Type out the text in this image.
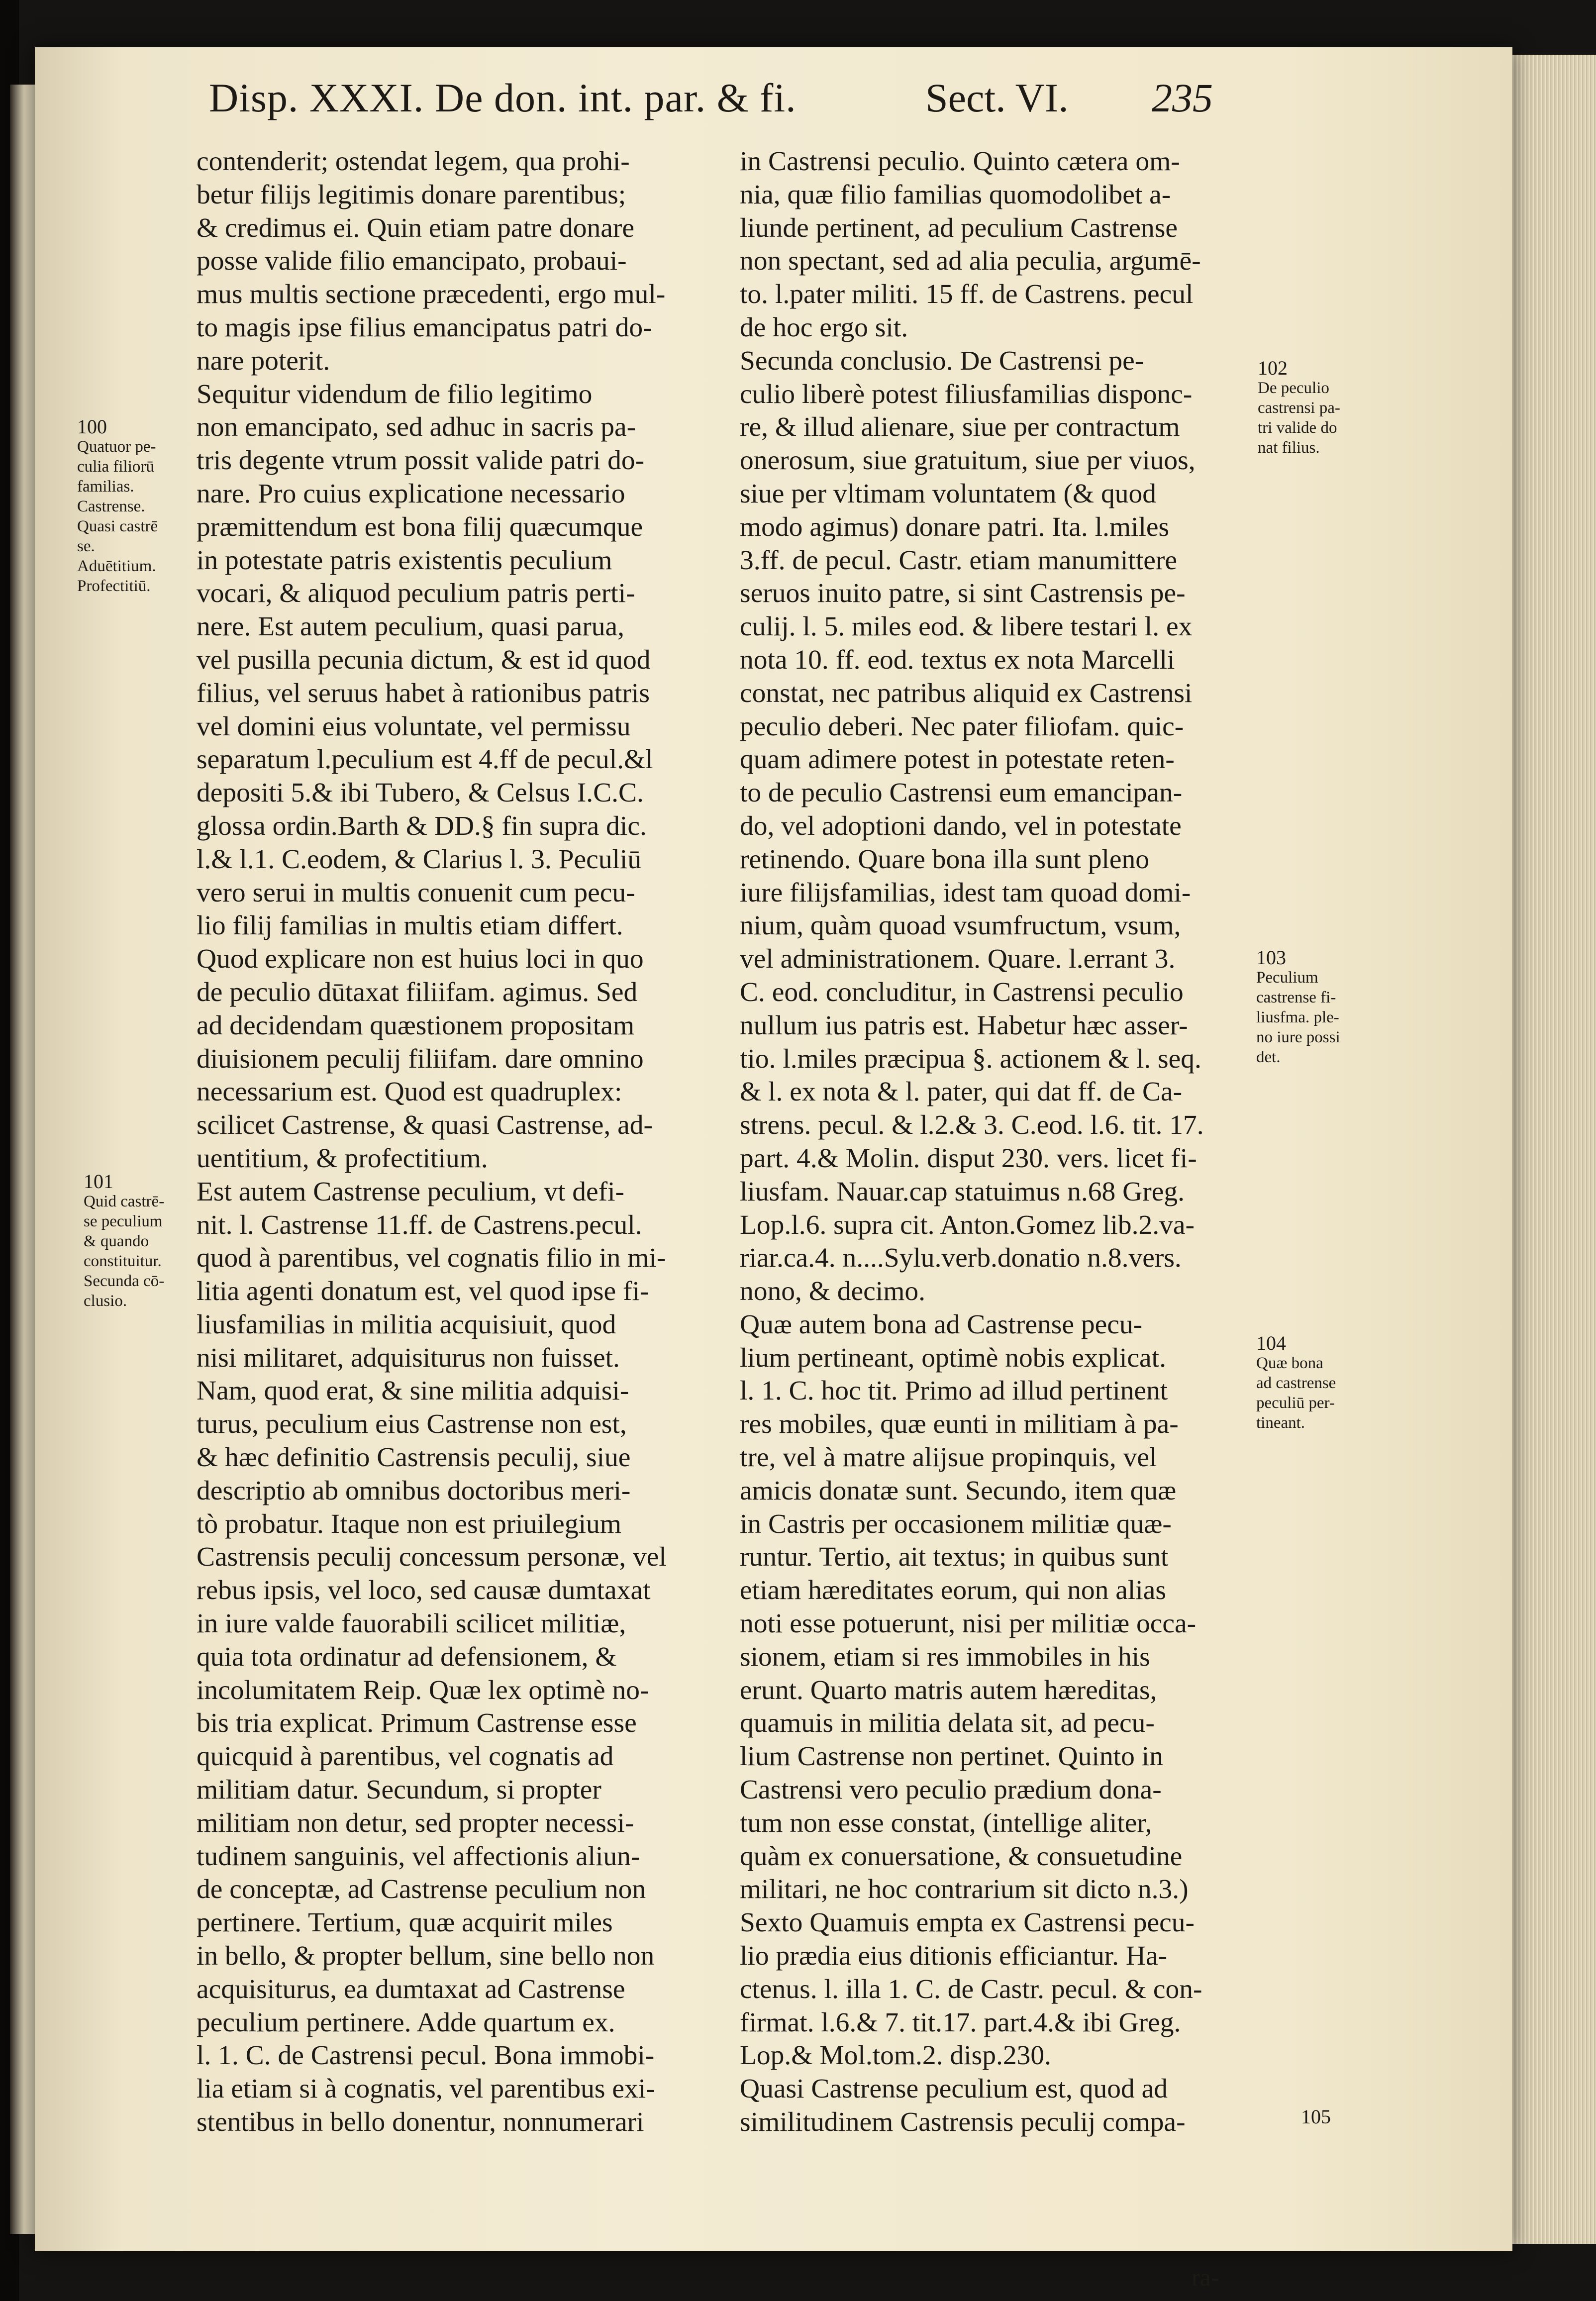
Disp. XXXI. De don. int. par. & fi.	Sect. VI. 235
contenderit; ostendat legem, qua prohi-
betur filijs legitimis donare parentibus;
& credimus ei. Quin etiam patre donare
posse valide filio emancipato, probaui-
mus multis sectione præcedenti, ergo mul-
to magis ipse filius emancipatus patri do-
nare poterit.
Sequitur videndum de filio legitimo
non emancipato, sed adhuc in sacris pa-
tris degente vtrum possit valide patri do-
nare. Pro cuius explicatione necessario
præmittendum est bona filij quæcumque
in potestate patris existentis peculium
vocari, & aliquod peculium patris perti-
nere. Est autem peculium, quasi parua,
vel pusilla pecunia dictum, & est id quod
filius, vel seruus habet à rationibus patris
vel domini eius voluntate, vel permissu
separatum l.peculium est 4.ff de pecul.&l
depositi 5.& ibi Tubero, & Celsus I.C.C.
glossa ordin.Barth & DD.§ fin supra dic.
l.& l.1. C.eodem, & Clarius l. 3. Peculiū
vero serui in multis conuenit cum pecu-
lio filij familias in multis etiam differt.
Quod explicare non est huius loci in quo
de peculio dūtaxat filiifam. agimus. Sed
ad decidendam quæstionem propositam
diuisionem peculij filiifam. dare omnino
necessarium est. Quod est quadruplex:
scilicet Castrense, & quasi Castrense, ad-
uentitium, & profectitium.
Est autem Castrense peculium, vt defi-
nit. l. Castrense 11.ff. de Castrens.pecul.
quod à parentibus, vel cognatis filio in mi-
litia agenti donatum est, vel quod ipse fi-
liusfamilias in militia acquisiuit, quod
nisi militaret, adquisiturus non fuisset.
Nam, quod erat, & sine militia adquisi-
turus, peculium eius Castrense non est,
& hæc definitio Castrensis peculij, siue
descriptio ab omnibus doctoribus meri-
tò probatur. Itaque non est priuilegium
Castrensis peculij concessum personæ, vel
rebus ipsis, vel loco, sed causæ dumtaxat
in iure valde fauorabili scilicet militiæ,
quia tota ordinatur ad defensionem, &
incolumitatem Reip. Quæ lex optimè no-
bis tria explicat. Primum Castrense esse
quicquid à parentibus, vel cognatis ad
militiam datur. Secundum, si propter
militiam non detur, sed propter necessi-
tudinem sanguinis, vel affectionis aliun-
de conceptæ, ad Castrense peculium non
pertinere. Tertium, quæ acquirit miles
in bello, & propter bellum, sine bello non
acquisiturus, ea dumtaxat ad Castrense
peculium pertinere. Adde quartum ex.
l. 1. C. de Castrensi pecul. Bona immobi-
lia etiam si à cognatis, vel parentibus exi-
stentibus in bello donentur, nonnumerari
in Castrensi peculio. Quinto cætera om-
nia, quæ filio familias quomodolibet a-
liunde pertinent, ad peculium Castrense
non spectant, sed ad alia peculia, argumē-
to. l.pater militi. 15 ff. de Castrens. pecul
de hoc ergo sit.
Secunda conclusio. De Castrensi pe-
culio liberè potest filiusfamilias disponc-
re, & illud alienare, siue per contractum
onerosum, siue gratuitum, siue per viuos,
siue per vltimam voluntatem (& quod
modo agimus) donare patri. Ita. l.miles
3.ff. de pecul. Castr. etiam manumittere
seruos inuito patre, si sint Castrensis pe-
culij. l. 5. miles eod. & libere testari l. ex
nota 10. ff. eod. textus ex nota Marcelli
constat, nec patribus aliquid ex Castrensi
peculio deberi. Nec pater filiofam. quic-
quam adimere potest in potestate reten-
to de peculio Castrensi eum emancipan-
do, vel adoptioni dando, vel in potestate
retinendo. Quare bona illa sunt pleno
iure filijsfamilias, idest tam quoad domi-
nium, quàm quoad vsumfructum, vsum,
vel administrationem. Quare. l.errant 3.
C. eod. concluditur, in Castrensi peculio
nullum ius patris est. Habetur hæc asser-
tio. l.miles præcipua §. actionem & l. seq.
& l. ex nota & l. pater, qui dat ff. de Ca-
strens. pecul. & l.2.& 3. C.eod. l.6. tit. 17.
part. 4.& Molin. disput 230. vers. licet fi-
liusfam. Nauar.cap statuimus n.68 Greg.
Lop.l.6. supra cit. Anton.Gomez lib.2.va-
riar.ca.4. n....Sylu.verb.donatio n.8.vers.
nono, & decimo.
Quæ autem bona ad Castrense pecu-
lium pertineant, optimè nobis explicat.
l. 1. C. hoc tit. Primo ad illud pertinent
res mobiles, quæ eunti in militiam à pa-
tre, vel à matre alijsue propinquis, vel
amicis donatæ sunt. Secundo, item quæ
in Castris per occasionem militiæ quæ-
runtur. Tertio, ait textus; in quibus sunt
etiam hæreditates eorum, qui non alias
noti esse potuerunt, nisi per militiæ occa-
sionem, etiam si res immobiles in his
erunt. Quarto matris autem hæreditas,
quamuis in militia delata sit, ad pecu-
lium Castrense non pertinet. Quinto in
Castrensi vero peculio prædium dona-
tum non esse constat, (intellige aliter,
quàm ex conuersatione, & consuetudine
militari, ne hoc contrarium sit dicto n.3.)
Sexto Quamuis empta ex Castrensi pecu-
lio prædia eius ditionis efficiantur. Ha-
ctenus. l. illa 1. C. de Castr. pecul. & con-
firmat. l.6.& 7. tit.17. part.4.& ibi Greg.
Lop.& Mol.tom.2. disp.230.
Quasi Castrense peculium est, quod ad
similitudinem Castrensis peculij compa-
100
Quatuor pe-
culia filiorū
familias.
Castrense.
Quasi castrē
se.
Aduētitium.
Profectitiū.
101
Quid castrē-
se peculium
& quando
constituitur.
Secunda cō-
clusio.
102
De peculio
castrensi pa-
tri valide do
nat filius.
103
Peculium
castrense fi-
liusfma. ple-
no iure possi
det.
104
Quæ bona
ad castrense
peculiū per-
tineant.
105
ra-
